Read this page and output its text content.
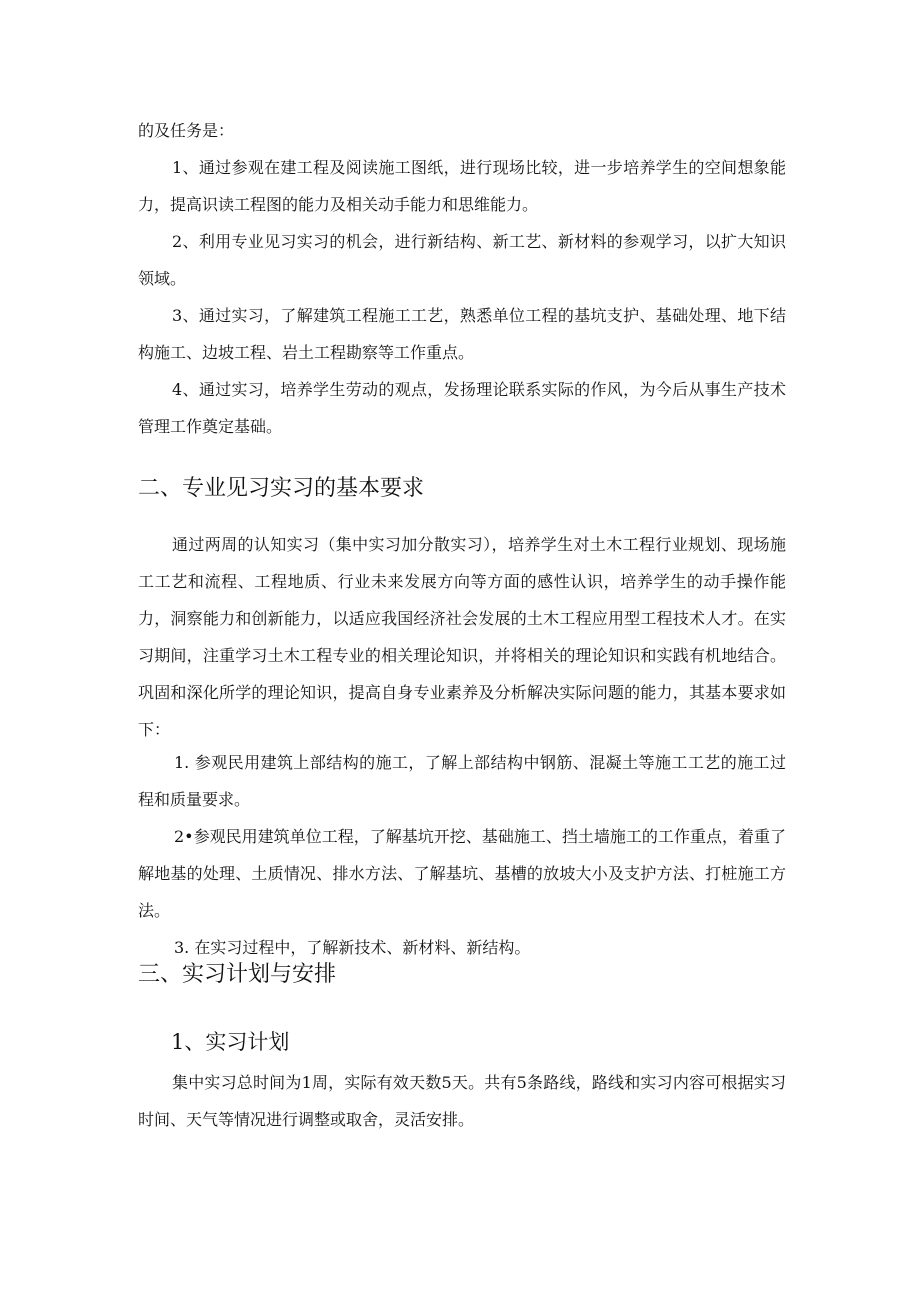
的及任务是：

1、通过参观在建工程及阅读施工图纸，进行现场比较，进一步培养学生的空间想象能力，提高识读工程图的能力及相关动手能力和思维能力。

2、利用专业见习实习的机会，进行新结构、新工艺、新材料的参观学习，以扩大知识领域。

3、通过实习，了解建筑工程施工工艺，熟悉单位工程的基坑支护、基础处理、地下结构施工、边坡工程、岩土工程勘察等工作重点。

4、通过实习，培养学生劳动的观点，发扬理论联系实际的作风，为今后从事生产技术管理工作奠定基础。

二、专业见习实习的基本要求

通过两周的认知实习（集中实习加分散实习），培养学生对土木工程行业规划、现场施工工艺和流程、工程地质、行业未来发展方向等方面的感性认识，培养学生的动手操作能力，洞察能力和创新能力，以适应我国经济社会发展的土木工程应用型工程技术人才。在实习期间，注重学习土木工程专业的相关理论知识，并将相关的理论知识和实践有机地结合。巩固和深化所学的理论知识，提高自身专业素养及分析解决实际问题的能力，其基本要求如下：

1. 参观民用建筑上部结构的施工，了解上部结构中钢筋、混凝土等施工工艺的施工过程和质量要求。

2•参观民用建筑单位工程，了解基坑开挖、基础施工、挡土墙施工的工作重点，着重了解地基的处理、土质情况、排水方法、了解基坑、基槽的放坡大小及支护方法、打桩施工方法。

3. 在实习过程中，了解新技术、新材料、新结构。

三、实习计划与安排
1、实习计划

集中实习总时间为1周，实际有效天数5天。共有5条路线，路线和实习内容可根据实习时间、天气等情况进行调整或取舍，灵活安排。
